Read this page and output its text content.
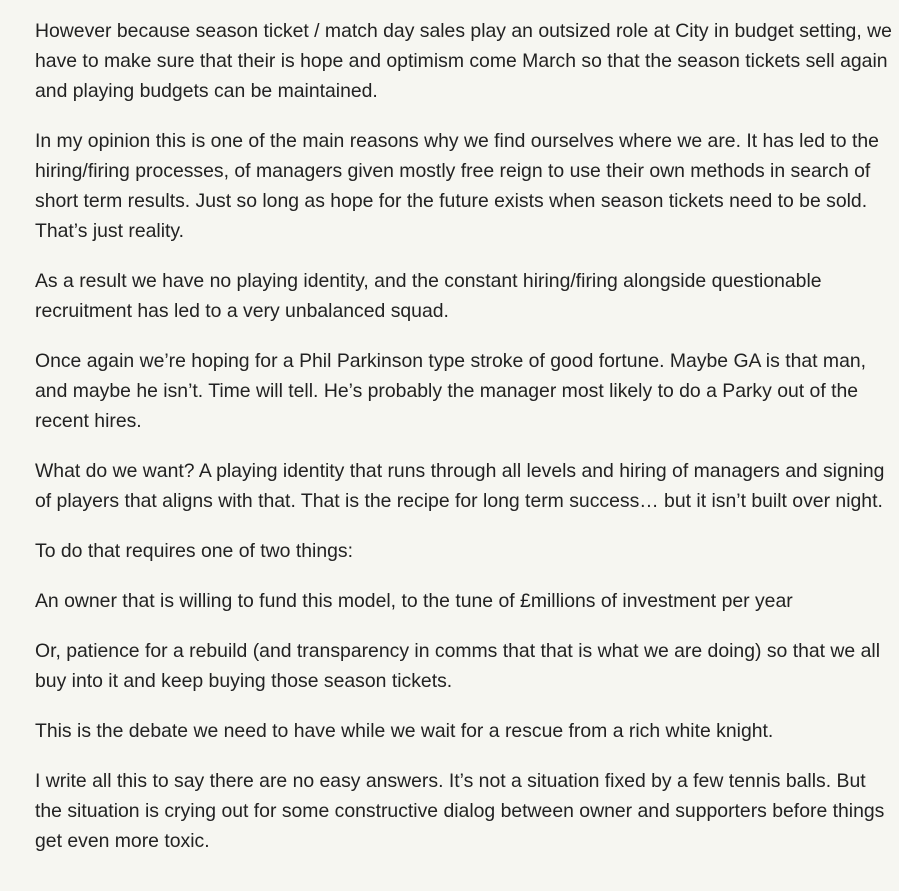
However because season ticket / match day sales play an outsized role at City in budget setting, we have to make sure that their is hope and optimism come March so that the season tickets sell again and playing budgets can be maintained.

In my opinion this is one of the main reasons why we find ourselves where we are. It has led to the hiring/firing processes, of managers given mostly free reign to use their own methods in search of short term results. Just so long as hope for the future exists when season tickets need to be sold. That’s just reality.

As a result we have no playing identity, and the constant hiring/firing alongside questionable recruitment has led to a very unbalanced squad.

Once again we’re hoping for a Phil Parkinson type stroke of good fortune. Maybe GA is that man, and maybe he isn’t. Time will tell. He’s probably the manager most likely to do a Parky out of the recent hires.

What do we want? A playing identity that runs through all levels and hiring of managers and signing of players that aligns with that. That is the recipe for long term success… but it isn’t built over night.

To do that requires one of two things:

An owner that is willing to fund this model, to the tune of £millions of investment per year

Or, patience for a rebuild (and transparency in comms that that is what we are doing) so that we all buy into it and keep buying those season tickets.

This is the debate we need to have while we wait for a rescue from a rich white knight.

I write all this to say there are no easy answers. It’s not a situation fixed by a few tennis balls. But the situation is crying out for some constructive dialog between owner and supporters before things get even more toxic.
